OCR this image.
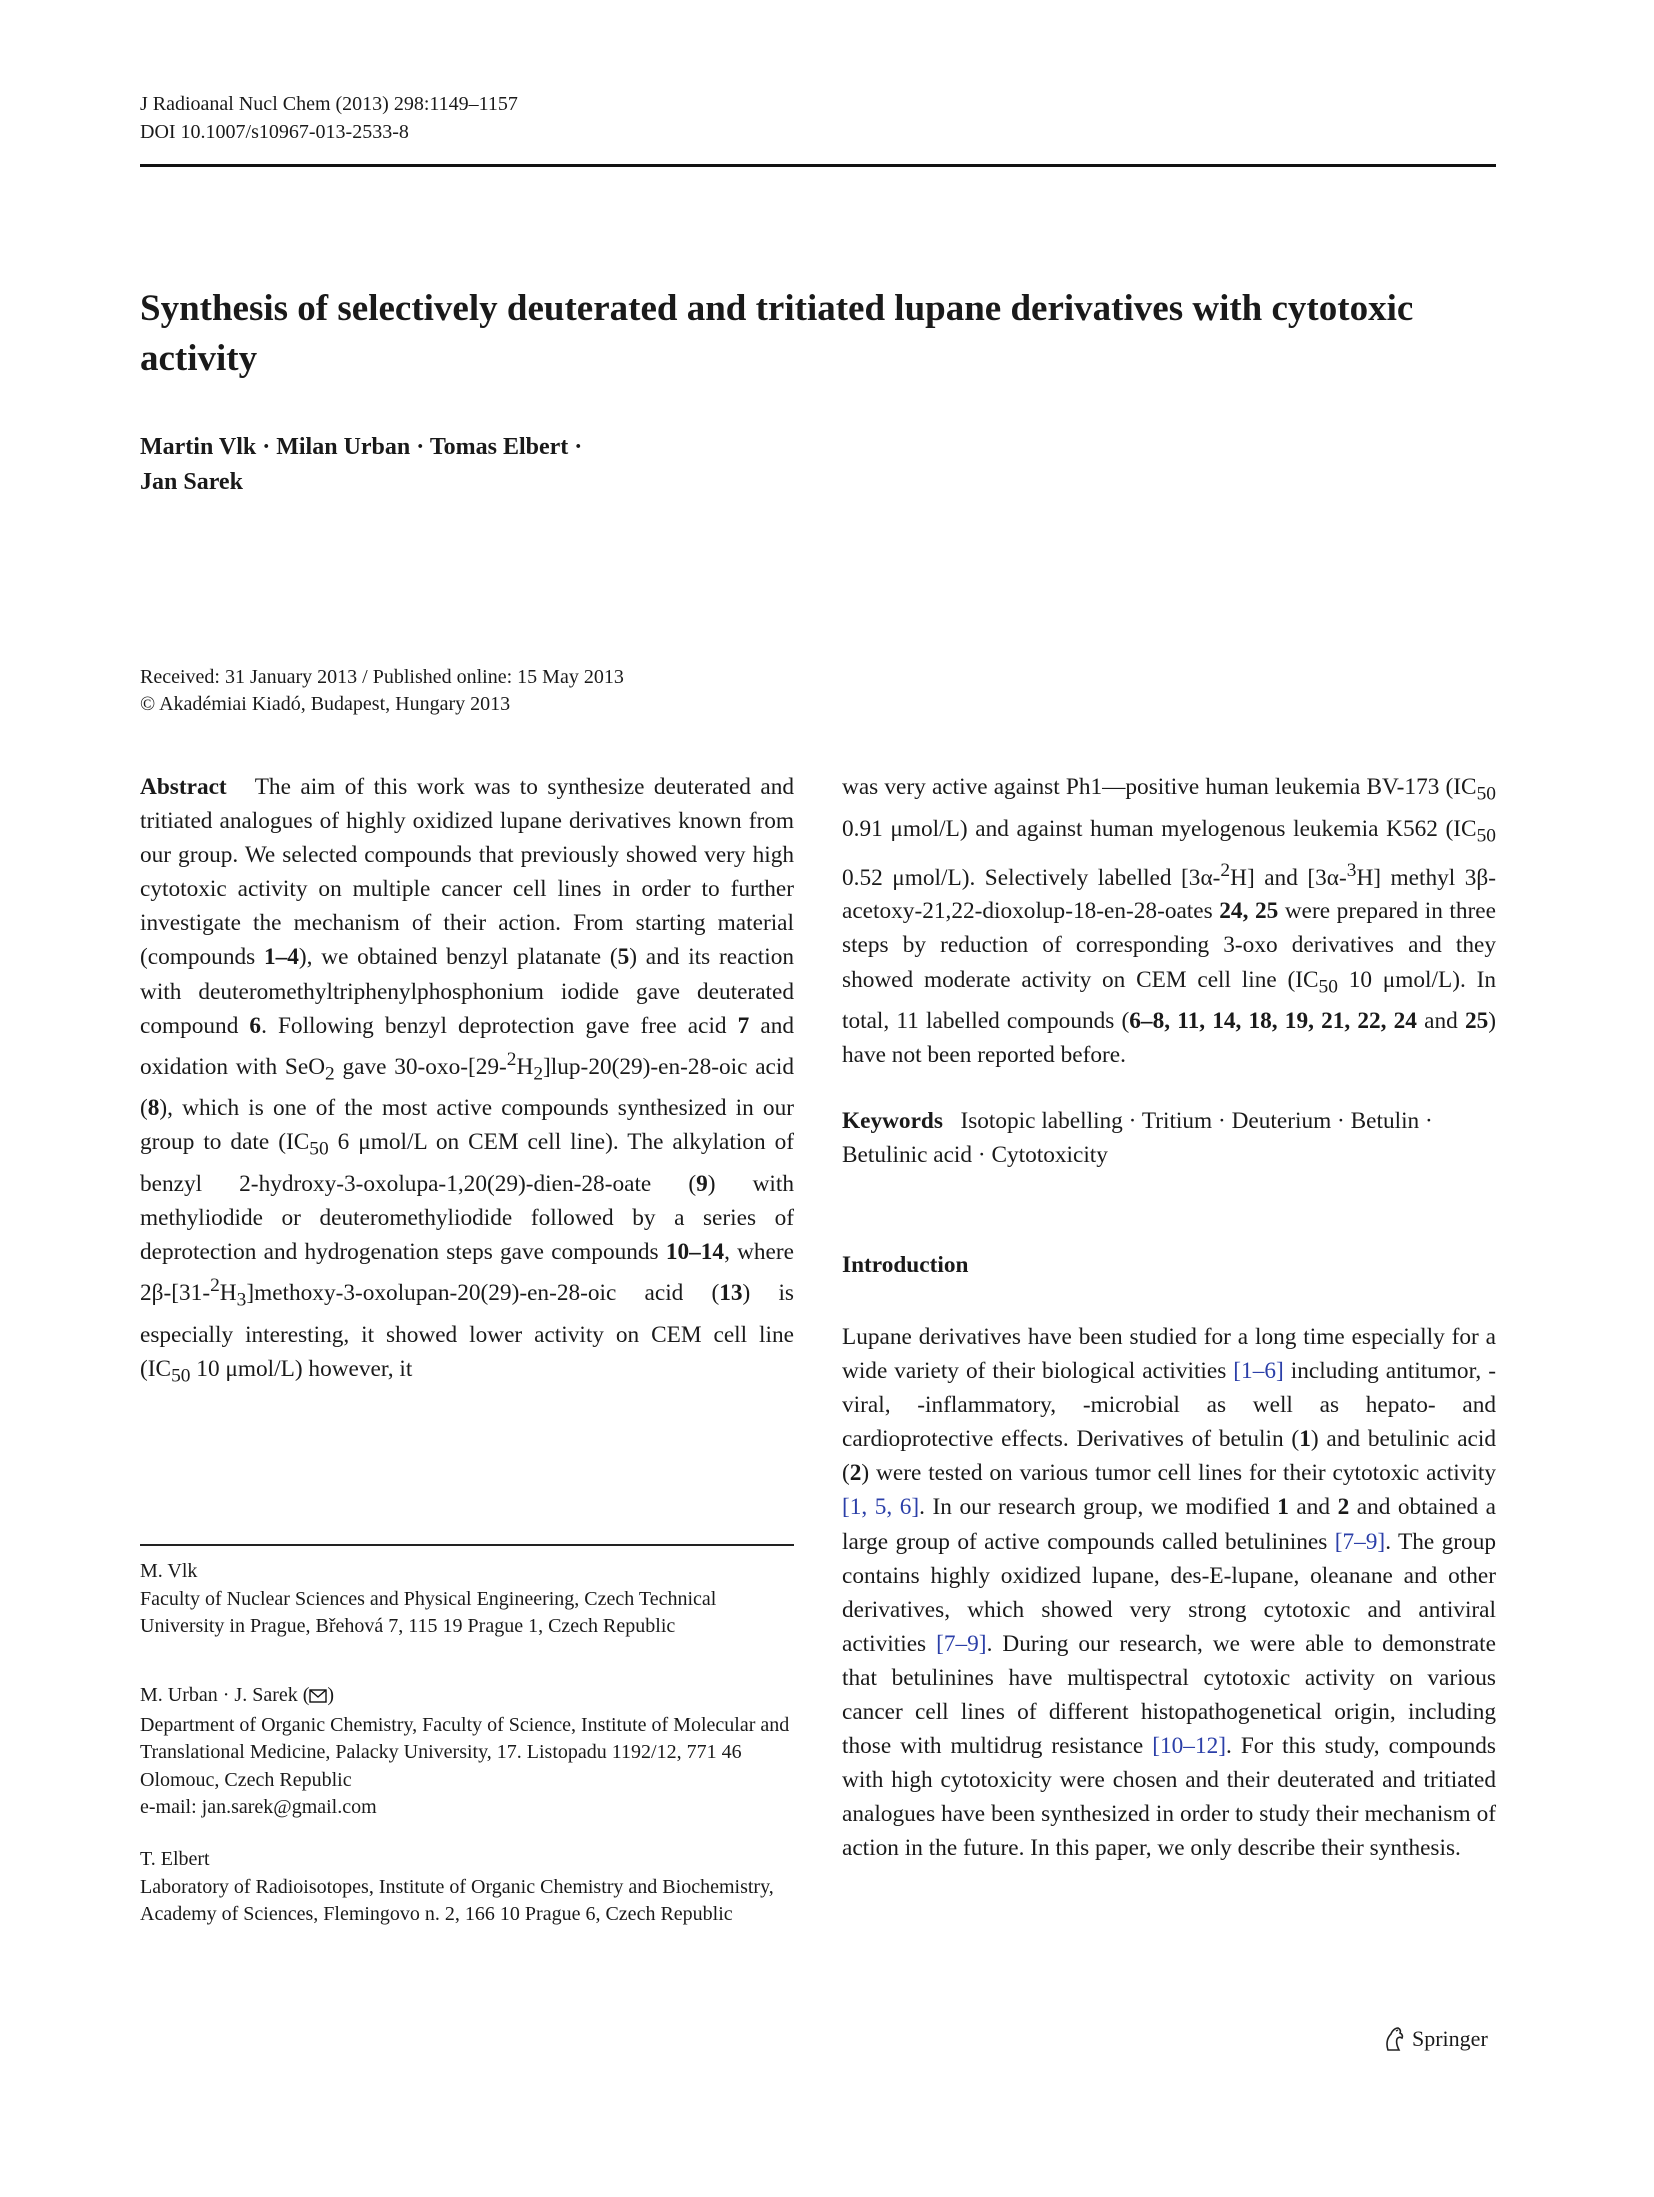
J Radioanal Nucl Chem (2013) 298:1149–1157
DOI 10.1007/s10967-013-2533-8
Synthesis of selectively deuterated and tritiated lupane derivatives with cytotoxic activity
Martin Vlk · Milan Urban · Tomas Elbert ·
Jan Sarek
Received: 31 January 2013 / Published online: 15 May 2013
© Akadémiai Kiadó, Budapest, Hungary 2013

Abstract The aim of this work was to synthesize deuterated and tritiated analogues of highly oxidized lupane derivatives known from our group. We selected compounds that previously showed very high cytotoxic activity on multiple cancer cell lines in order to further investigate the mechanism of their action. From starting material (compounds 1–4), we obtained benzyl platanate (5) and its reaction with deuteromethyltriphenylphosphonium iodide gave deuterated compound 6. Following benzyl deprotection gave free acid 7 and oxidation with SeO$_2$ gave $30-oxo-[29-^2H_2]lup-20(29)-en-28$-oic acid (8), which is one of the most active compounds synthesized in our group to date ($IC_{50}$ 6 μmol/L on CEM cell line). The alkylation of benzyl 2-hydroxy-3-oxolupa-1,20(29)-dien-28-oate (9) with methyliodide or deuteromethyliodide followed by a series of deprotection and hydrogenation steps gave compounds 10–14, where $2\beta-[31-^2H_3]methoxy-3-oxolupan-20(29)-en-28$-oic acid (13) is especially interesting, it showed lower activity on CEM cell line ($IC_{50}$ 10 μmol/L) however, it

was very active against Ph1—positive human leukemia BV-173 ($IC_{50}$ 0.91 μmol/L) and against human myelogenous leukemia K562 ($IC_{50}$ 0.52 μmol/L). Selectively labelled [3α-$^2$H] and [3α-$^3$H] methyl 3β-acetoxy-21,22-dioxolup-18-en-28-oates 24, 25 were prepared in three steps by reduction of corresponding 3-oxo derivatives and they showed moderate activity on CEM cell line ($IC_{50}$ 10 μmol/L). In total, 11 labelled compounds (6–8, 11, 14, 18, 19, 21, 22, 24 and 25) have not been reported before.

Keywords Isotopic labelling · Tritium · Deuterium · Betulin · Betulinic acid · Cytotoxicity

Introduction

Lupane derivatives have been studied for a long time especially for a wide variety of their biological activities [1–6] including antitumor, -viral, -inflammatory, -microbial as well as hepato- and cardioprotective effects. Derivatives of betulin (1) and betulinic acid (2) were tested on various tumor cell lines for their cytotoxic activity [1, 5, 6]. In our research group, we modified 1 and 2 and obtained a large group of active compounds called betulinines [7–9]. The group contains highly oxidized lupane, des-E-lupane, oleanane and other derivatives, which showed very strong cytotoxic and antiviral activities [7–9]. During our research, we were able to demonstrate that betulinines have multispectral cytotoxic activity on various cancer cell lines of different histopathogenetical origin, including those with multidrug resistance [10–12]. For this study, compounds with high cytotoxicity were chosen and their deuterated and tritiated analogues have been synthesized in order to study their mechanism of action in the future. In this paper, we only describe their synthesis.

M. Vlk

Faculty of Nuclear Sciences and Physical Engineering, Czech Technical University in Prague, Břehová 7, 115 19 Prague 1, Czech Republic

M. Urban · J. Sarek ( )

Department of Organic Chemistry, Faculty of Science, Institute of Molecular and Translational Medicine, Palacky University, 17. Listopadu 1192/12, 771 46 Olomouc, Czech Republic

e-mail: jan.sarek@gmail.com

T. Elbert

Laboratory of Radioisotopes, Institute of Organic Chemistry and Biochemistry, Academy of Sciences, Flemingovo n. 2, 166 10 Prague 6, Czech Republic

Springer
